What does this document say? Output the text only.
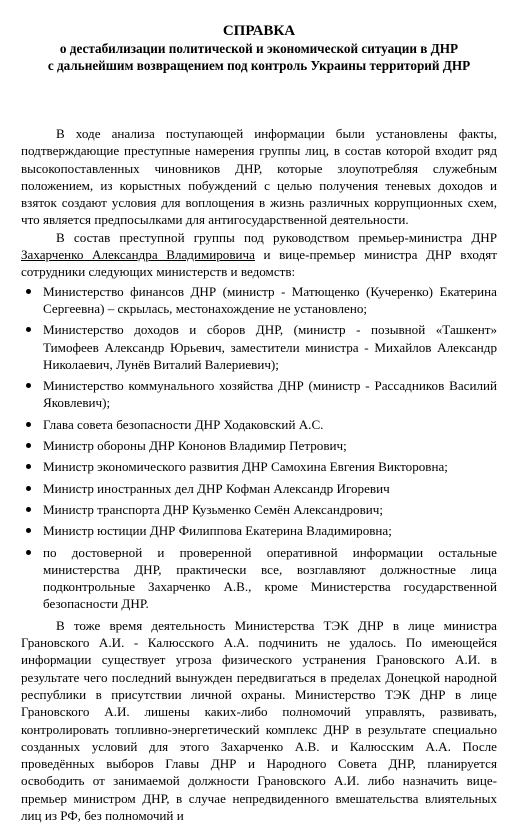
СПРАВКА

о дестабилизации политической и экономической ситуации в ДНР

с дальнейшим возвращением под контроль Украины территорий ДНР

В ходе анализа поступающей информации были установлены факты, подтверждающие преступные намерения группы лиц, в состав которой входит ряд высокопоставленных чиновников ДНР, которые злоупотребляя служебным положением, из корыстных побуждений с целью получения теневых доходов и взяток создают условия для воплощения в жизнь различных коррупционных схем, что является предпосылками для антигосударственной деятельности.

В состав преступной группы под руководством премьер-министра ДНР Захарченко Александра Владимировича и вице-премьер министра ДНР входят сотрудники следующих министерств и ведомств:

Министерство финансов ДНР (министр - Матющенко (Кучеренко) Екатерина Сергеевна) – скрылась, местонахождение не установлено;
Министерство доходов и сборов ДНР, (министр - позывной «Ташкент» Тимофеев Александр Юрьевич, заместители министра - Михайлов Александр Николаевич, Лунёв Виталий Валериевич);
Министерство коммунального хозяйства ДНР (министр - Рассадников Василий Яковлевич);
Глава совета безопасности ДНР Ходаковский А.С.
Министр обороны ДНР Кононов Владимир Петрович;
Министр экономического развития ДНР Самохина Евгения Викторовна;
Министр иностранных дел ДНР Кофман Александр Игоревич
Министр транспорта ДНР Кузьменко Семён Александрович;
Министр юстиции ДНР Филиппова Екатерина Владимировна;
по достоверной и проверенной оперативной информации остальные министерства ДНР, практически все, возглавляют должностные лица подконтрольные Захарченко А.В., кроме Министерства государственной безопасности ДНР.

В тоже время деятельность Министерства ТЭК ДНР в лице министра Грановского А.И. - Калюсского А.А. подчинить не удалось. По имеющейся информации существует угроза физического устранения Грановского А.И. в результате чего последний вынужден передвигаться в пределах Донецкой народной республики в присутствии личной охраны. Министерство ТЭК ДНР в лице Грановского А.И. лишены каких-либо полномочий управлять, развивать, контролировать топливно-энергетический комплекс ДНР в результате специально созданных условий для этого Захарченко А.В. и Калюсским А.А. После проведённых выборов Главы ДНР и Народного Совета ДНР, планируется освободить от занимаемой должности Грановского А.И. либо назначить вице-премьер министром ДНР, в случае непредвиденного вмешательства влиятельных лиц из РФ, без полномочий и
